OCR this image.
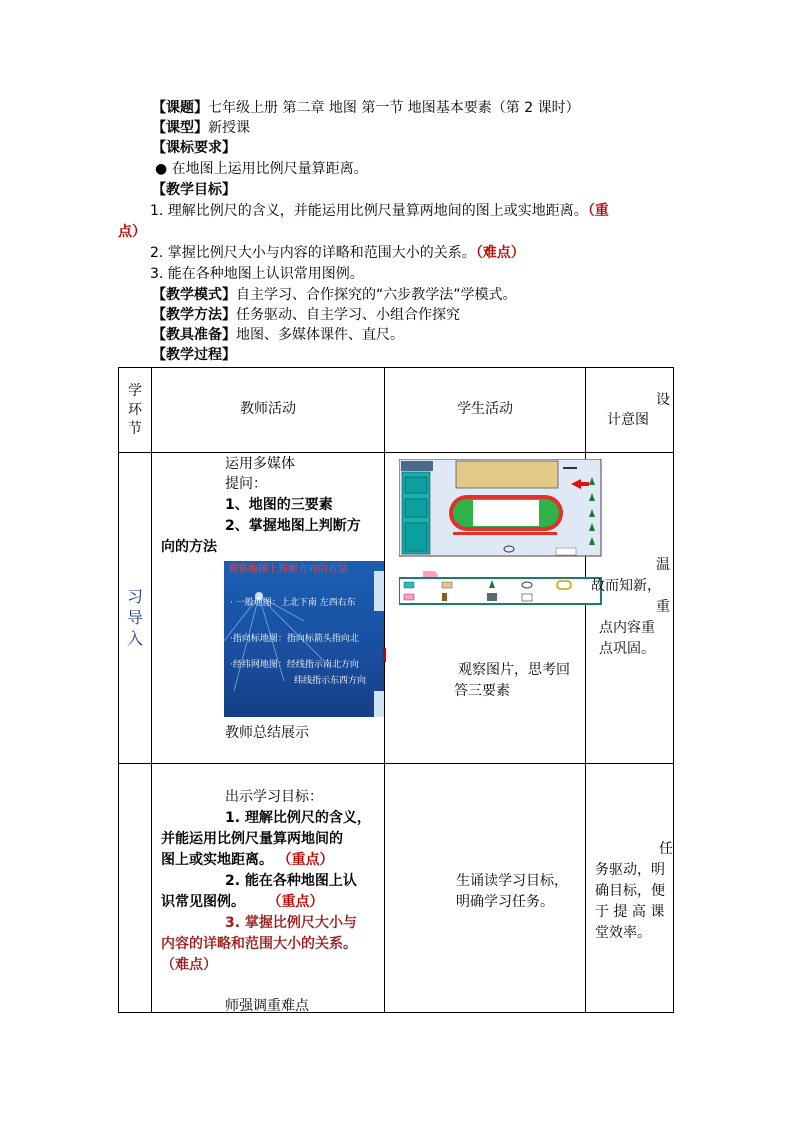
【课题】七年级上册 第二章 地图 第一节 地图基本要素（第 2 课时）
【课型】新授课
【课标要求】
● 在地图上运用比例尺量算距离。
【教学目标】
1. 理解比例尺的含义，并能运用比例尺量算两地间的图上或实地距离。（重
点）
2. 掌握比例尺大小与内容的详略和范围大小的关系。（难点）
3. 能在各种地图上认识常用图例。
【教学模式】自主学习、合作探究的“六步教学法”学模式。
【教学方法】任务驱动、自主学习、小组合作探究
【教具准备】地图、多媒体课件、直尺。
【教学过程】
学
环
节
教师活动	学生活动
设
计意图
习
导
入
运用多媒体
提问：
1、地图的三要素
2、掌握地图上判断方
向的方法
教师总结展示
观察地图上判断方向的方法
· 一般地图：上北下南 左西右东
·指向标地图：指向标箭头指向北
·经纬网地图：经线指示南北方向
纬线指示东西方向
观察图片，思考回
答三要素
温
故而知新，
重
点内容重
点巩固。
出示学习目标：
1. 理解比例尺的含义，
并能运用比例尺量算两地间的
图上或实地距离。 （重点）
2. 能在各种地图上认
识常见图例。 （重点）
3. 掌握比例尺大小与
内容的详略和范围大小的关系。
（难点）
师强调重难点
生诵读学习目标，
明确学习任务。
任
务驱动，明
确目标，便
于 提 高 课
堂效率。
